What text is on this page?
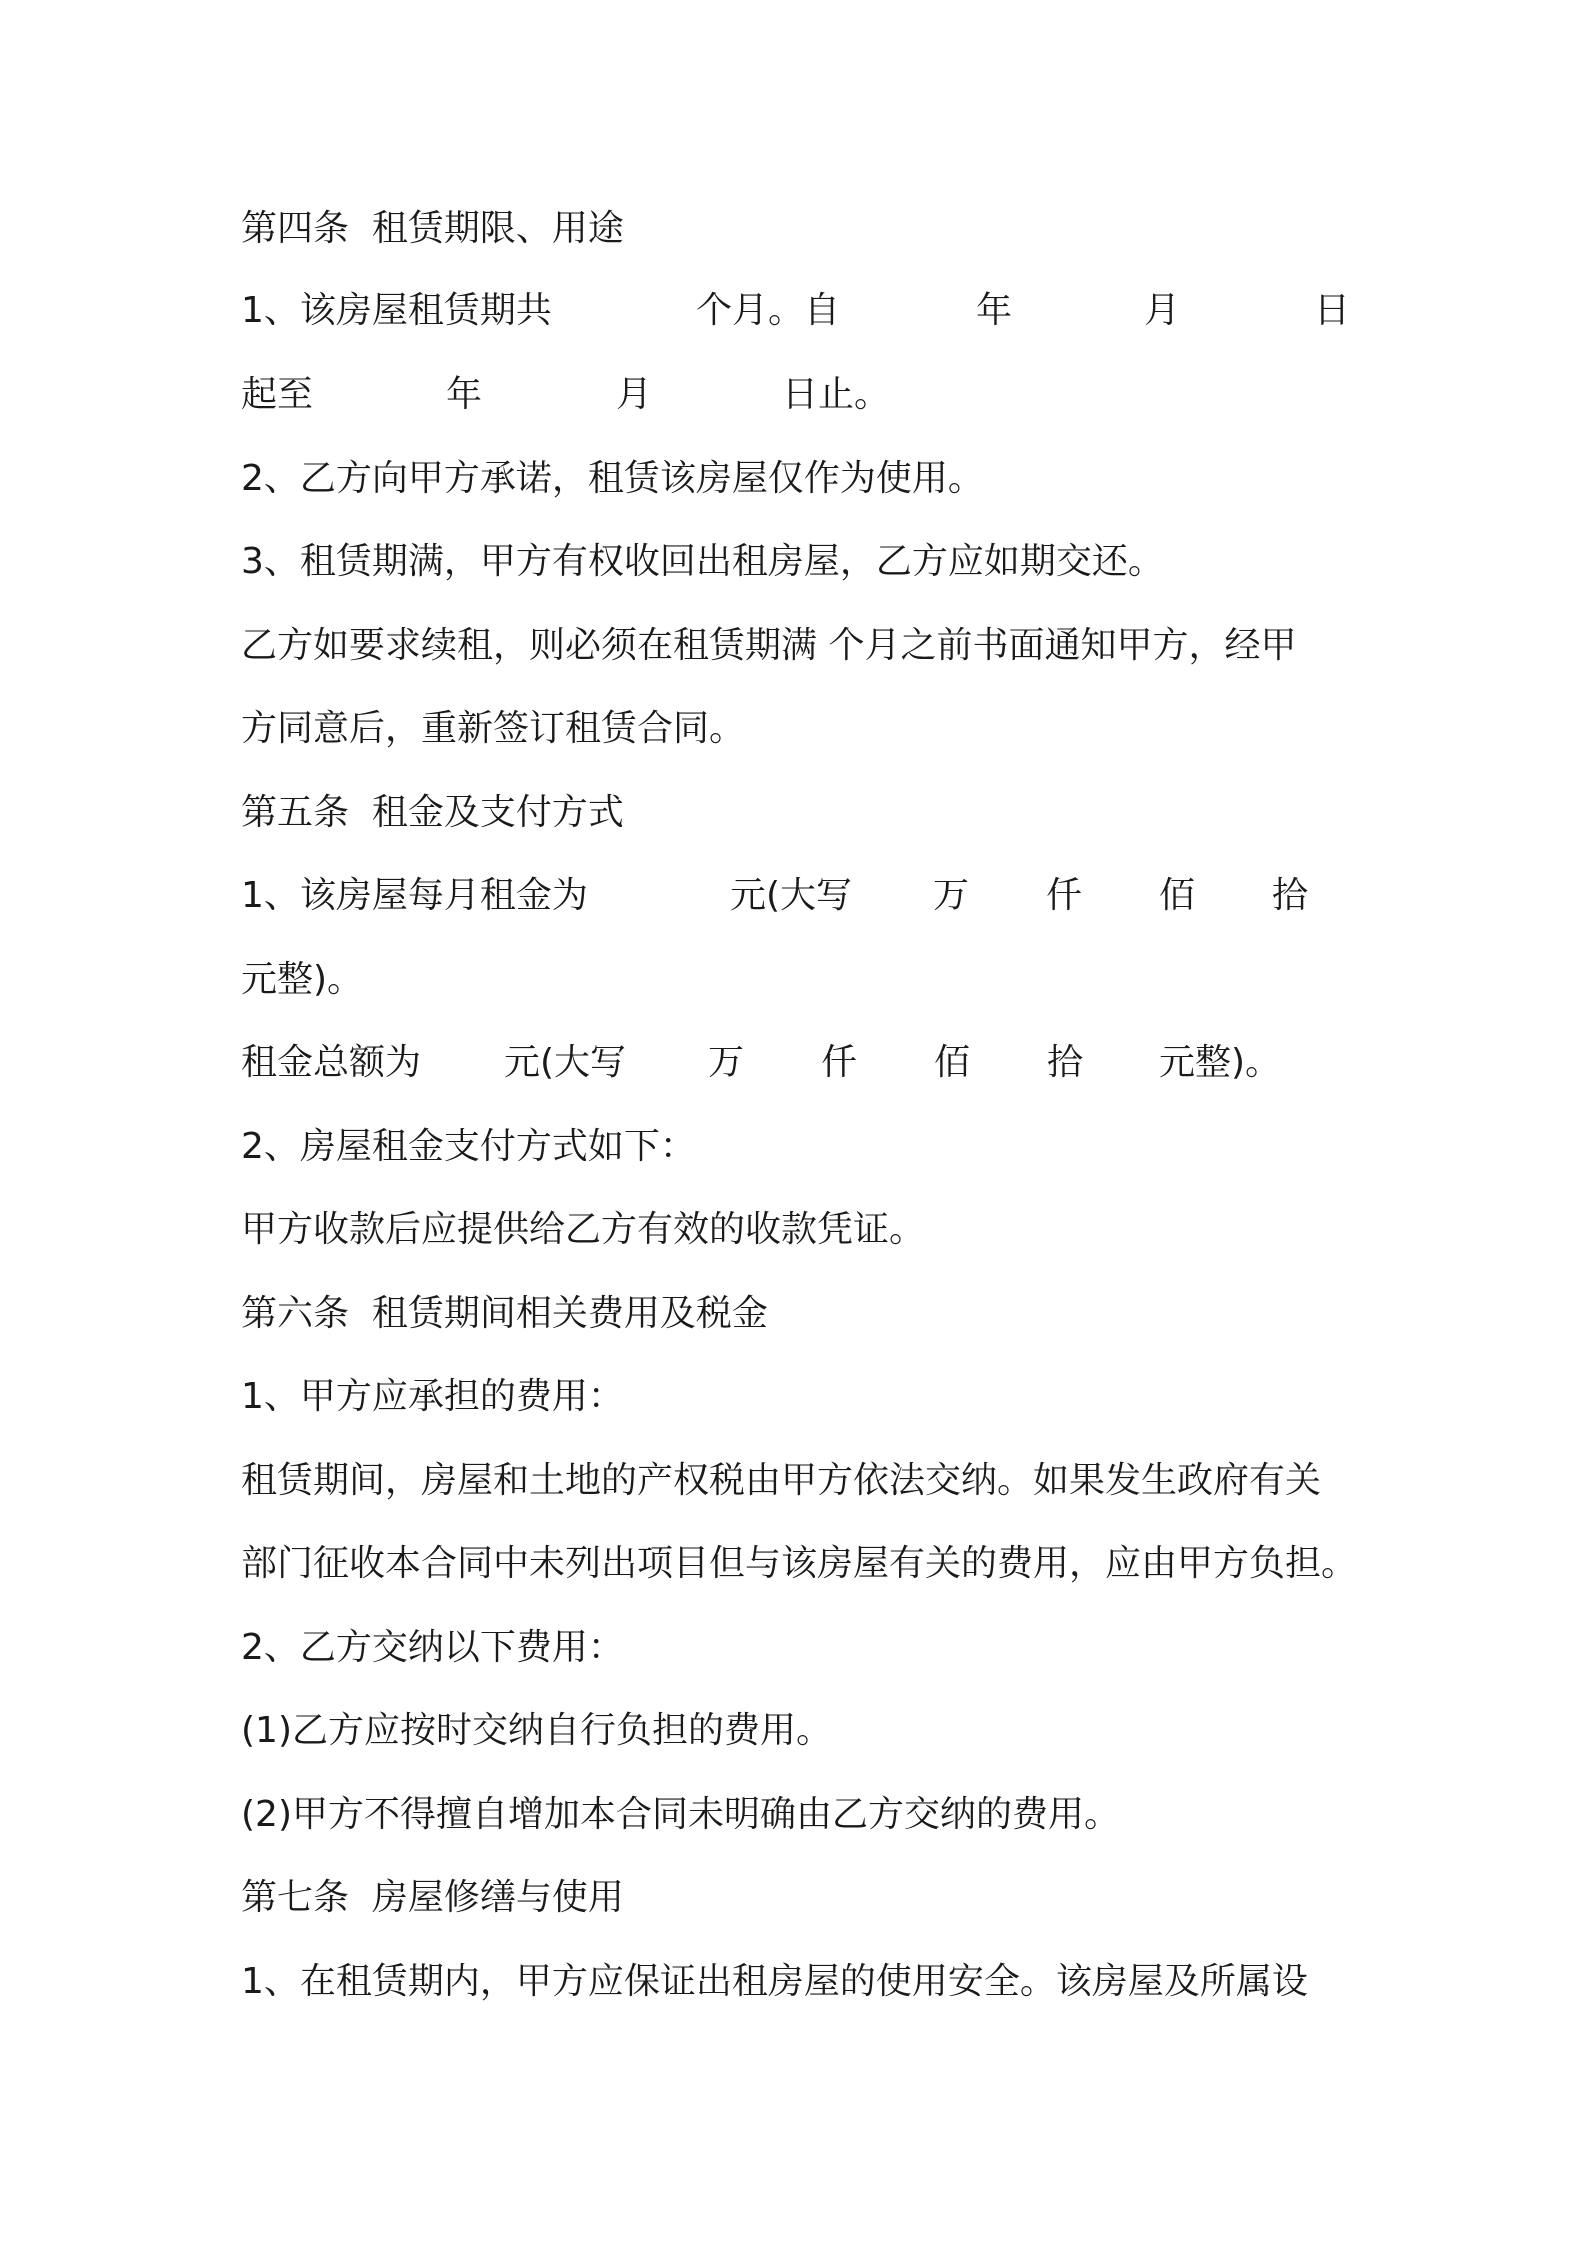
第四条  租赁期限、用途

1、该房屋租赁期共

	个月。自

	年

	月

	日

起至

	年

	月

	日止。

2、乙方向甲方承诺，租赁该房屋仅作为使用。
3、租赁期满，甲方有权收回出租房屋，乙方应如期交还。
乙方如要求续租，则必须在租赁期满 个月之前书面通知甲方，经甲
方同意后，重新签订租赁合同。
第五条  租金及支付方式

1、该房屋每月租金为

	元(大写

万

仟

佰

拾

元整)。

租金总额为

元(大写

万

仟

佰

拾

元整)。

2、房屋租金支付方式如下：
甲方收款后应提供给乙方有效的收款凭证。
第六条  租赁期间相关费用及税金
1、甲方应承担的费用：
租赁期间，房屋和土地的产权税由甲方依法交纳。如果发生政府有关
部门征收本合同中未列出项目但与该房屋有关的费用，应由甲方负担。
2、乙方交纳以下费用：
(1)乙方应按时交纳自行负担的费用。
(2)甲方不得擅自增加本合同未明确由乙方交纳的费用。
第七条  房屋修缮与使用
1、在租赁期内，甲方应保证出租房屋的使用安全。该房屋及所属设
